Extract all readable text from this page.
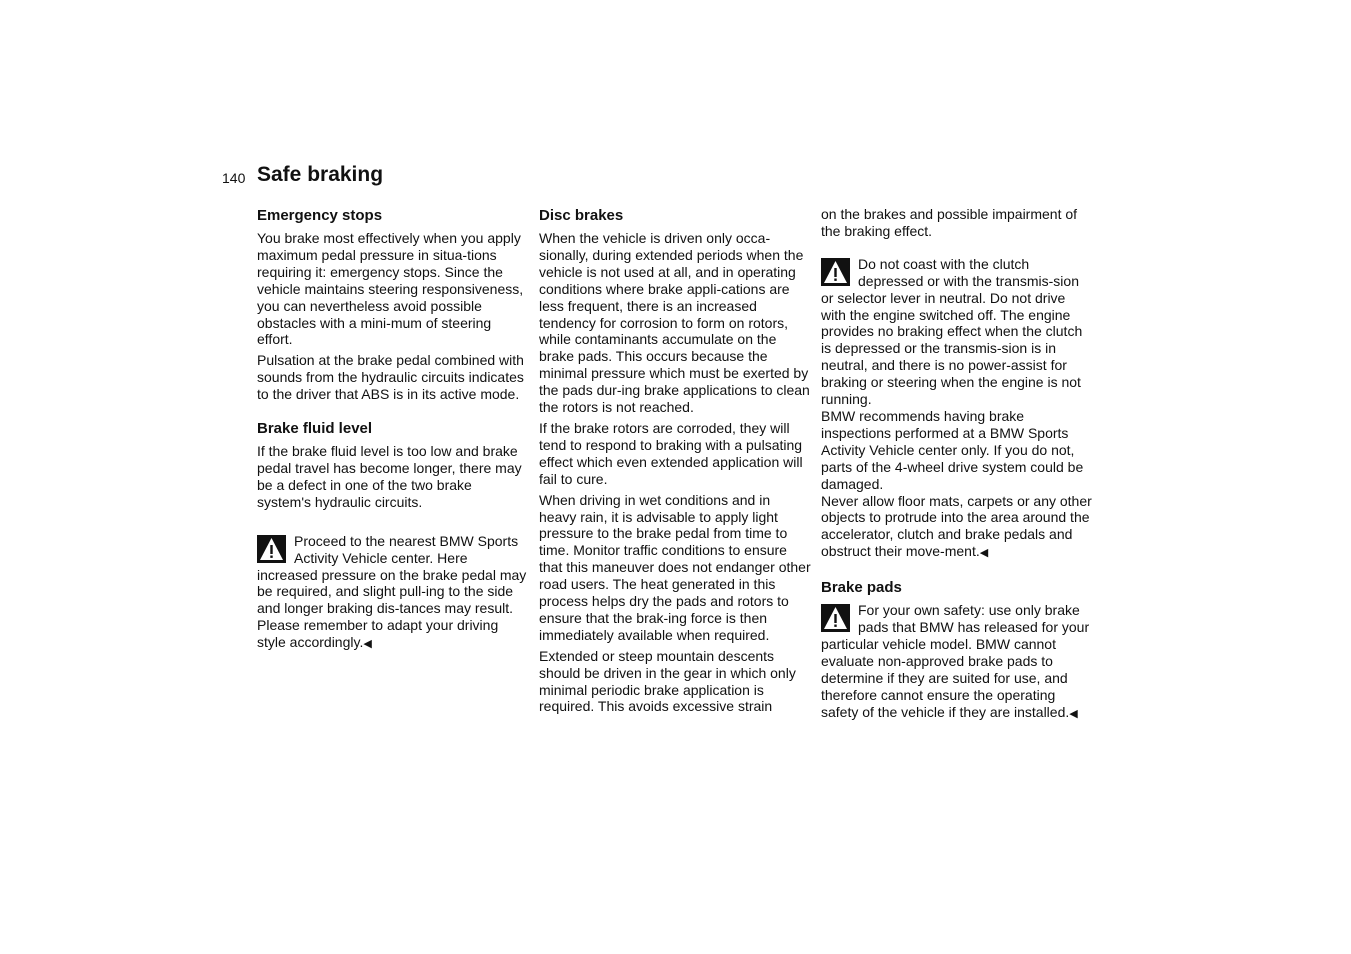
140 Safe braking
Emergency stops

You brake most effectively when you apply maximum pedal pressure in situa-tions requiring it: emergency stops. Since the vehicle maintains steering responsiveness, you can nevertheless avoid possible obstacles with a mini-mum of steering effort.

Pulsation at the brake pedal combined with sounds from the hydraulic circuits indicates to the driver that ABS is in its active mode.

Brake fluid level

If the brake fluid level is too low and brake pedal travel has become longer, there may be a defect in one of the two brake system's hydraulic circuits.

Proceed to the nearest BMW Sports Activity Vehicle center. Here increased pressure on the brake pedal may be required, and slight pull-ing to the side and longer braking dis-tances may result. Please remember to adapt your driving style accordingly.◀
Disc brakes

When the vehicle is driven only occa-sionally, during extended periods when the vehicle is not used at all, and in operating conditions where brake appli-cations are less frequent, there is an increased tendency for corrosion to form on rotors, while contaminants accumulate on the brake pads. This occurs because the minimal pressure which must be exerted by the pads dur-ing brake applications to clean the rotors is not reached.

If the brake rotors are corroded, they will tend to respond to braking with a pulsating effect which even extended application will fail to cure.

When driving in wet conditions and in heavy rain, it is advisable to apply light pressure to the brake pedal from time to time. Monitor traffic conditions to ensure that this maneuver does not endanger other road users. The heat generated in this process helps dry the pads and rotors to ensure that the brak-ing force is then immediately available when required.

Extended or steep mountain descents should be driven in the gear in which only minimal periodic brake application is required. This avoids excessive strain

on the brakes and possible impairment of the braking effect.

Do not coast with the clutch depressed or with the transmis-sion or selector lever in neutral. Do not drive with the engine switched off. The engine provides no braking effect when the clutch is depressed or the transmis-sion is in neutral, and there is no power-assist for braking or steering when the engine is not running.

BMW recommends having brake inspections performed at a BMW Sports Activity Vehicle center only. If you do not, parts of the 4-wheel drive system could be damaged.

Never allow floor mats, carpets or any other objects to protrude into the area around the accelerator, clutch and brake pedals and obstruct their move-ment.◀

Brake pads
For your own safety: use only brake pads that BMW has released for your particular vehicle model. BMW cannot evaluate non-approved brake pads to determine if they are suited for use, and therefore cannot ensure the operating safety of the vehicle if they are installed.◀
